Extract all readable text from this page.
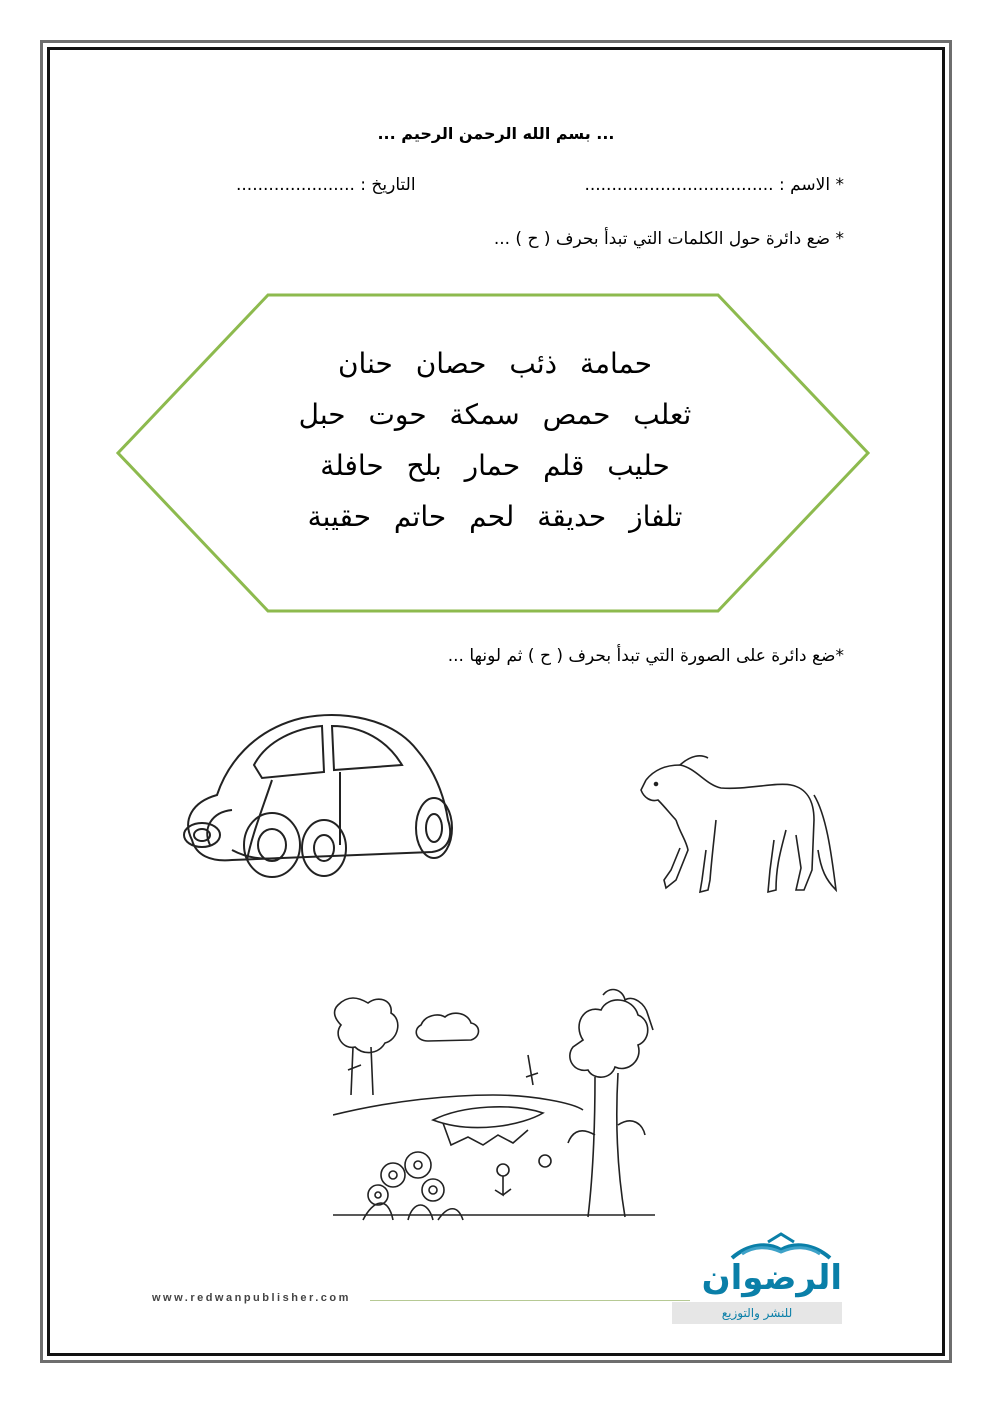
... بسم الله الرحمن الرحيم ...
* الاسم : ...................................
التاريخ : ......................
* ضع دائرة حول الكلمات التي تبدأ بحرف ( ح ) ...
حمامة ذئب حصان حنان
ثعلب حمص سمكة حوت حبل
حليب قلم حمار بلح حافلة
تلفاز حديقة لحم حاتم حقيبة
*ضع دائرة على الصورة التي تبدأ بحرف ( ح ) ثم لونها ...
www.redwanpublisher.com	الرضوان
للنشر والتوزيع
